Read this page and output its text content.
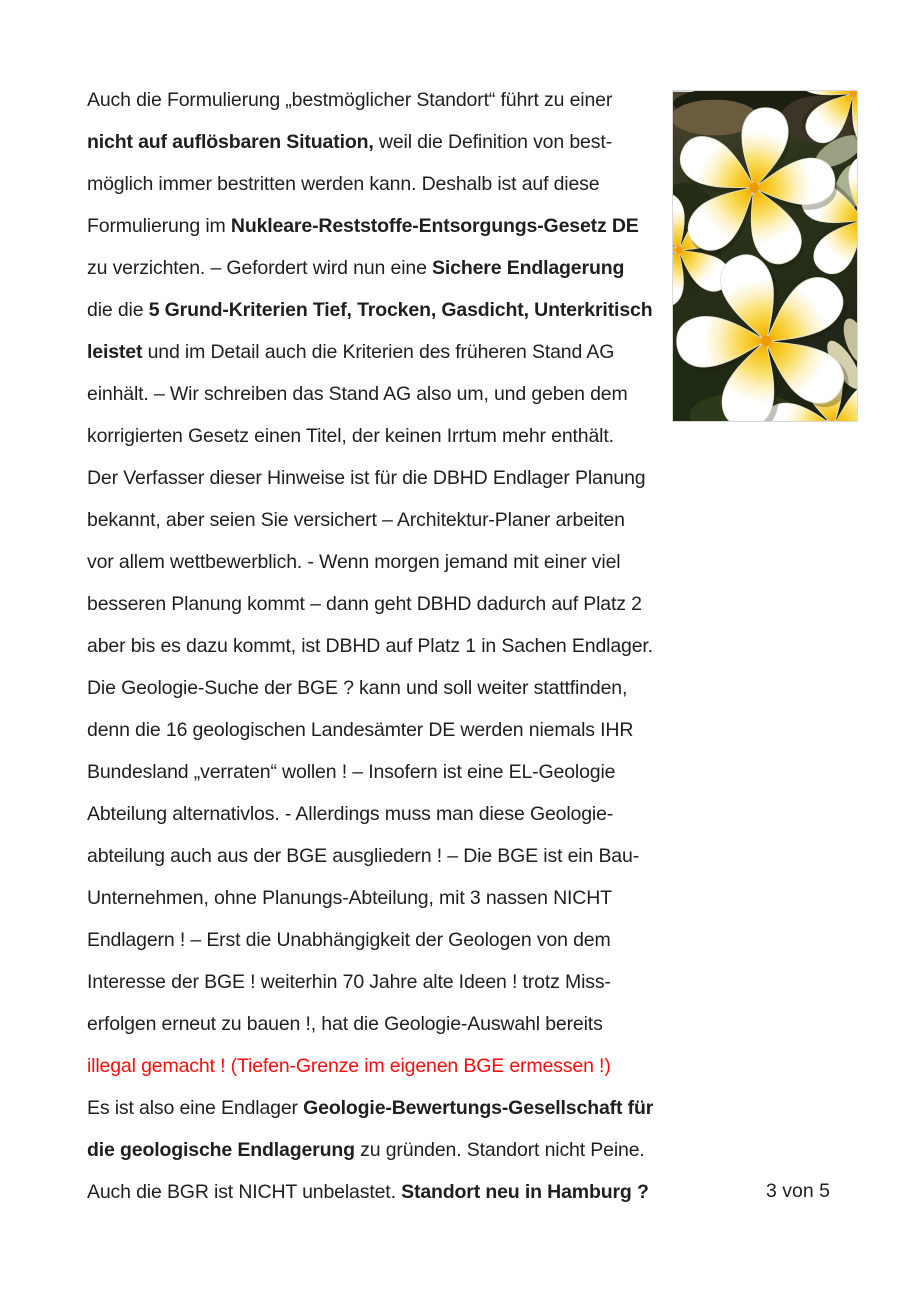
Auch die Formulierung „bestmöglicher Standort“ führt zu einer
nicht auf auflösbaren Situation, weil die Definition von best-
möglich immer bestritten werden kann. Deshalb ist auf diese
Formulierung im Nukleare-Reststoffe-Entsorgungs-Gesetz DE
zu verzichten. – Gefordert wird nun eine Sichere Endlagerung
die die 5 Grund-Kriterien Tief, Trocken, Gasdicht, Unterkritisch
leistet und im Detail auch die Kriterien des früheren Stand AG
einhält. – Wir schreiben das Stand AG also um, und geben dem
korrigierten Gesetz einen Titel, der keinen Irrtum mehr enthält.
Der Verfasser dieser Hinweise ist für die DBHD Endlager Planung
bekannt, aber seien Sie versichert – Architektur-Planer arbeiten
vor allem wettbewerblich. - Wenn morgen jemand mit einer viel
besseren Planung kommt – dann geht DBHD dadurch auf Platz 2
aber bis es dazu kommt, ist DBHD auf Platz 1 in Sachen Endlager.
Die Geologie-Suche der BGE ? kann und soll weiter stattfinden,
denn die 16 geologischen Landesämter DE werden niemals IHR
Bundesland „verraten“ wollen ! – Insofern ist eine EL-Geologie
Abteilung alternativlos. - Allerdings muss man diese Geologie-
abteilung auch aus der BGE ausgliedern ! – Die BGE ist ein Bau-
Unternehmen, ohne Planungs-Abteilung, mit 3 nassen NICHT
Endlagern ! – Erst die Unabhängigkeit der Geologen von dem
Interesse der BGE ! weiterhin 70 Jahre alte Ideen ! trotz Miss-
erfolgen erneut zu bauen !, hat die Geologie-Auswahl bereits
illegal gemacht ! (Tiefen-Grenze im eigenen BGE ermessen !)
Es ist also eine Endlager Geologie-Bewertungs-Gesellschaft für
die geologische Endlagerung zu gründen. Standort nicht Peine.
Auch die BGR ist NICHT unbelastet. Standort neu in Hamburg ?	3 von 5
